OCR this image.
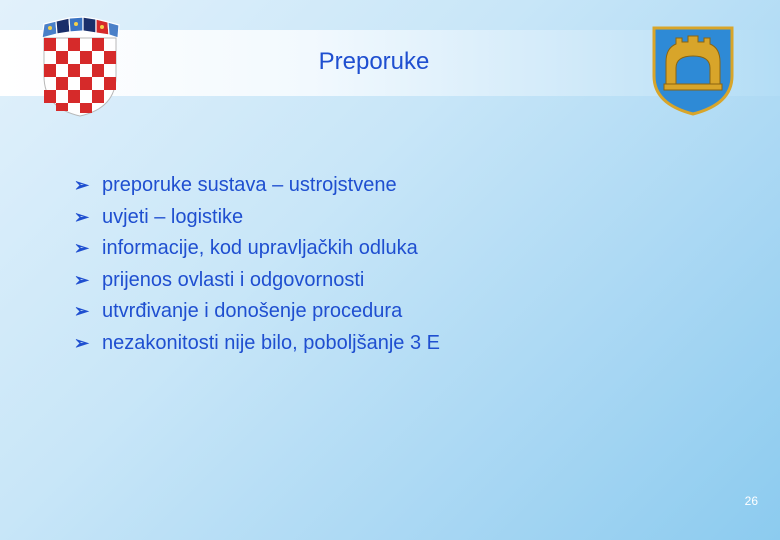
Preporuke
➢ preporuke sustava – ustrojstvene
➢ uvjeti – logistike
➢ informacije, kod upravljačkih odluka
➢ prijenos ovlasti i odgovornosti
➢ utvrđivanje i donošenje procedura
➢ nezakonitosti nije bilo, poboljšanje 3 E
26
